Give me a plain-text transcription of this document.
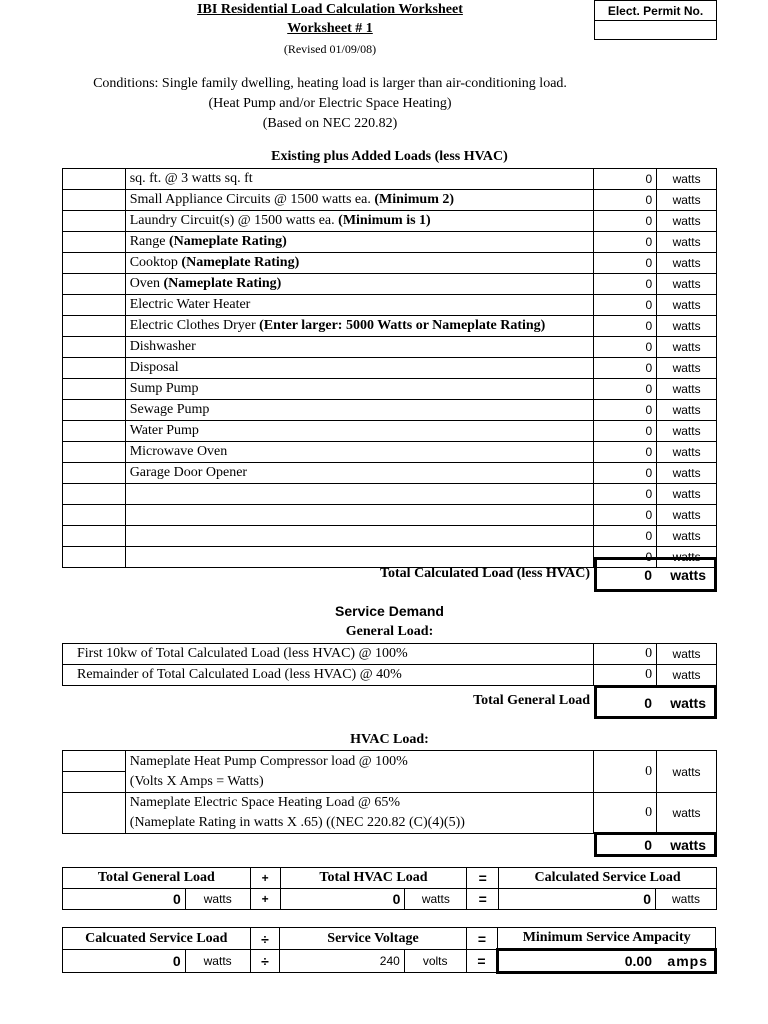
IBI Residential Load Calculation Worksheet
Worksheet # 1
(Revised 01/09/08)
Elect. Permit No.

Conditions: Single family dwelling, heating load is larger than air-conditioning load.
(Heat Pump and/or Electric Space Heating)
(Based on NEC 220.82)
Existing plus Added Loads (less HVAC)
	sq. ft. @ 3 watts sq. ft	0	watts
	Small Appliance Circuits @ 1500 watts ea. (Minimum 2)	0	watts
	Laundry Circuit(s) @ 1500 watts ea. (Minimum is 1)	0	watts
	Range (Nameplate Rating)	0	watts
	Cooktop (Nameplate Rating)	0	watts
	Oven (Nameplate Rating)	0	watts
	Electric Water Heater	0	watts
	Electric Clothes Dryer (Enter larger: 5000 Watts or Nameplate Rating)	0	watts
	Dishwasher	0	watts
	Disposal	0	watts
	Sump Pump	0	watts
	Sewage Pump	0	watts
	Water Pump	0	watts
	Microwave Oven	0	watts
	Garage Door Opener	0	watts
		0	watts
		0	watts
		0	watts
		0	watts
Total Calculated Load (less HVAC)	0 watts
Service Demand
General Load:
First 10kw of Total Calculated Load (less HVAC) @ 100%	0	watts
Remainder of Total Calculated Load (less HVAC) @ 40%	0	watts
Total General Load	0 watts
HVAC Load:

	Nameplate Heat Pump Compressor load @ 100%
(Volts X Amps = Watts)	0	watts

	Nameplate Electric Space Heating Load @ 65%
(Nameplate Rating in watts X .65) ((NEC 220.82 (C)(4)(5))	0	watts
0 watts
Total General Load		+	Total HVAC Load		=	Calculated Service Load	
0	watts	+	0	watts	=	0	watts
Calcuated Service Load		÷	Service Voltage		=	Minimum Service Ampacity
0	watts	÷	240	volts	=	0.00 amps
